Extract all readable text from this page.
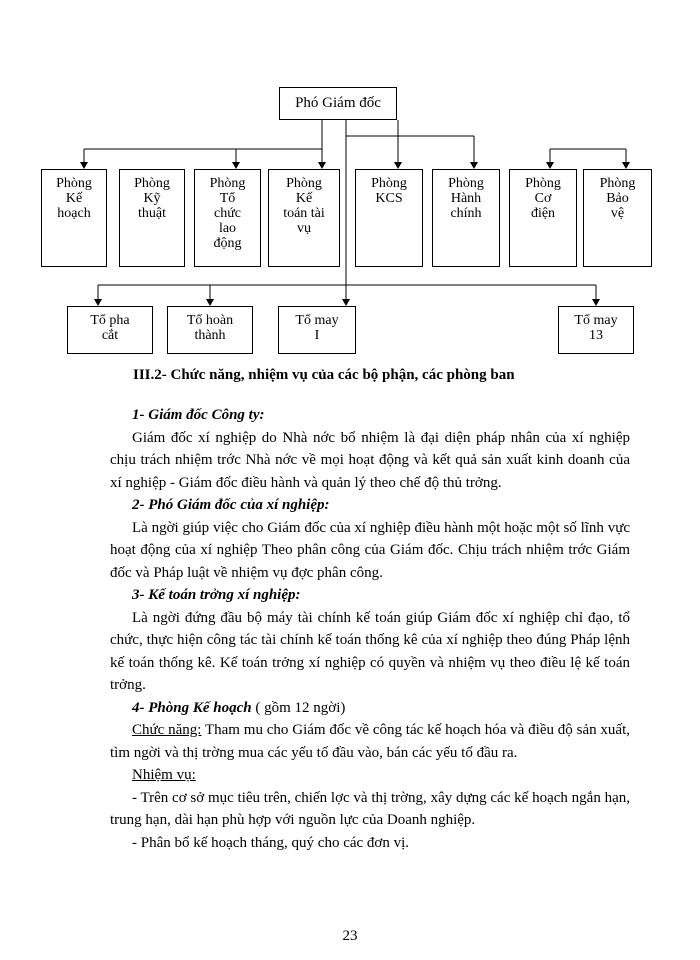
Phó Giám đốc
Phòng
Kế
hoạch
Phòng
Kỹ
thuật
Phòng
Tổ
chức
lao
động
Phòng
Kế
toán tài
vụ
Phòng
KCS
Phòng
Hành
chính
Phòng
Cơ
điện
Phòng
Bảo
vệ
Tổ pha
cắt
Tổ hoàn
thành
Tổ may
I
Tổ may
13
III.2- Chức năng, nhiệm vụ của các bộ phận, các phòng ban

1- Giám đốc Công ty:

Giám đốc xí nghiệp do Nhà nớc bổ nhiệm là đại diện pháp nhân của xí nghiệp chịu trách nhiệm trớc Nhà nớc về mọi hoạt động và kết quả sản xuất kinh doanh của xí nghiệp - Giám đốc điều hành và quản lý theo chế độ thủ trởng.

2- Phó Giám đốc của xí nghiệp:

Là ngời giúp việc cho Giám đốc của xí nghiệp điều hành một hoặc một số lĩnh vực hoạt động của xí nghiệp Theo phân công của Giám đốc. Chịu trách nhiệm trớc Giám đốc và Pháp luật về nhiệm vụ đợc phân công.

3- Kế toán trởng xí nghiệp:

Là ngời đứng đầu bộ máy tài chính kế toán giúp Giám đốc xí nghiệp chỉ đạo, tổ chức, thực hiện công tác tài chính kế toán thống kê của xí nghiệp theo đúng Pháp lệnh kế toán thống kê. Kế toán trởng xí nghiệp có quyền và nhiệm vụ theo điều lệ kế toán trởng.

4- Phòng Kế hoạch ( gồm 12 ngời)

Chức năng: Tham mu cho Giám đốc về công tác kế hoạch hóa và điều độ sản xuất, tìm ngời và thị trờng mua các yếu tố đầu vào, bán các yếu tố đầu ra.

Nhiệm vụ:

- Trên cơ sở mục tiêu trên, chiến lợc và thị trờng, xây dựng các kế hoạch ngắn hạn, trung hạn, dài hạn phù hợp với nguồn lực của Doanh nghiệp.

- Phân bổ kế hoạch tháng, quý cho các đơn vị.

23
